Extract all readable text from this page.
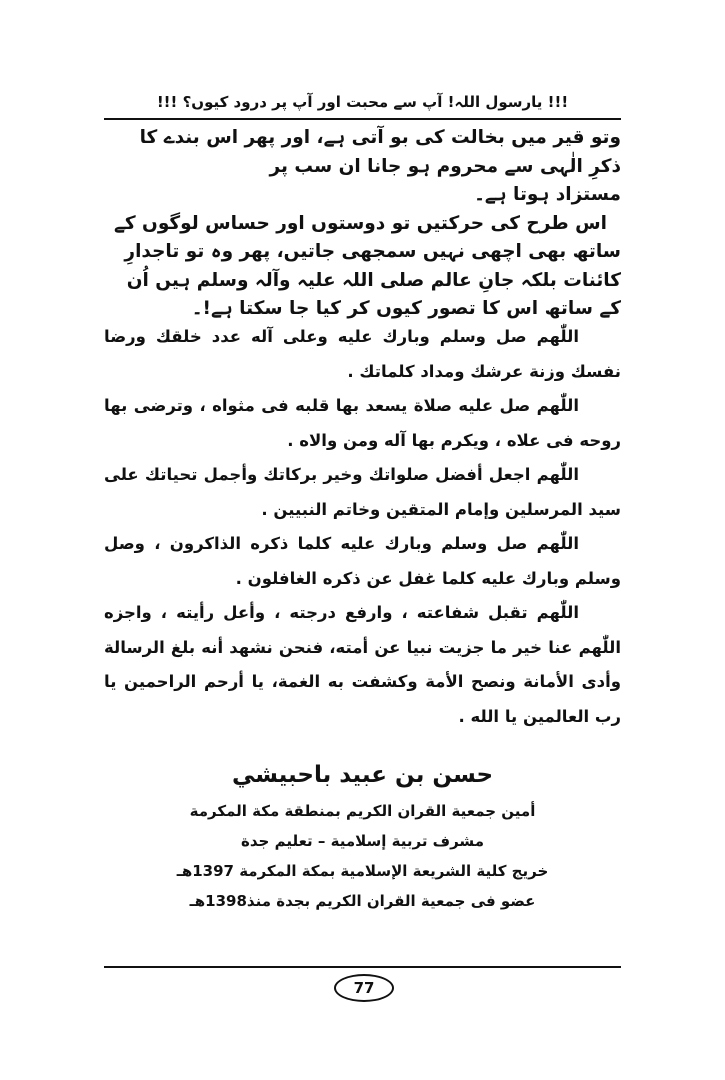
!!! یارسول اللہ! آپ سے محبت اور آپ پر درود کیوں؟ !!!

وتو قیر میں بخالت کی بو آتی ہے، اور پھر اس بندے کا ذکرِ الٰہی سے محروم ہو جانا ان سب پر

مستزاد ہوتا ہے۔

اس طرح کی حرکتیں تو دوستوں اور حساس لوگوں کے ساتھ بھی اچھی نہیں سمجھی جاتیں، پھر وہ تو تاجدارِ کائنات بلکہ جانِ عالم صلی اللہ علیہ وآلہ وسلم ہیں اُن کے ساتھ اس کا تصور کیوں کر کیا جا سکتا ہے!۔

اللّٰهم صل وسلم وبارك عليه وعلى آله عدد خلقك ورضا نفسك وزنة عرشك ومداد كلماتك .

اللّٰهم صل عليه صلاة يسعد بها قلبه فى مثواه ، وترضى بها روحه فى علاه ، ويكرم بها آله ومن والاه .

اللّٰهم اجعل أفضل صلواتك وخير بركاتك وأجمل تحياتك على سيد المرسلين وإمام المتقين وخاتم النبيين .

اللّٰهم صل وسلم وبارك عليه كلما ذكره الذاكرون ، وصل وسلم وبارك عليه كلما غفل عن ذكره الغافلون .

اللّٰهم تقبل شفاعته ، وارفع درجته ، وأعل رأيته ، واجزه اللّٰهم عنا خير ما جزيت نبيا عن أمته، فنحن نشهد أنه بلغ الرسالة وأدى الأمانة ونصح الأمة وكشفت به الغمة، يا أرحم الراحمين يا رب العالمين يا الله .

حسن بن عبيد باحبيشي
أمين جمعية القران الكريم بمنطقة مكة المكرمة
مشرف تربية إسلامية – تعليم جدة
خريج كلية الشريعة الإسلامية بمكة المكرمة 1397هـ
عضو فى جمعية القران الكريم بجدة منذ1398هـ
77
